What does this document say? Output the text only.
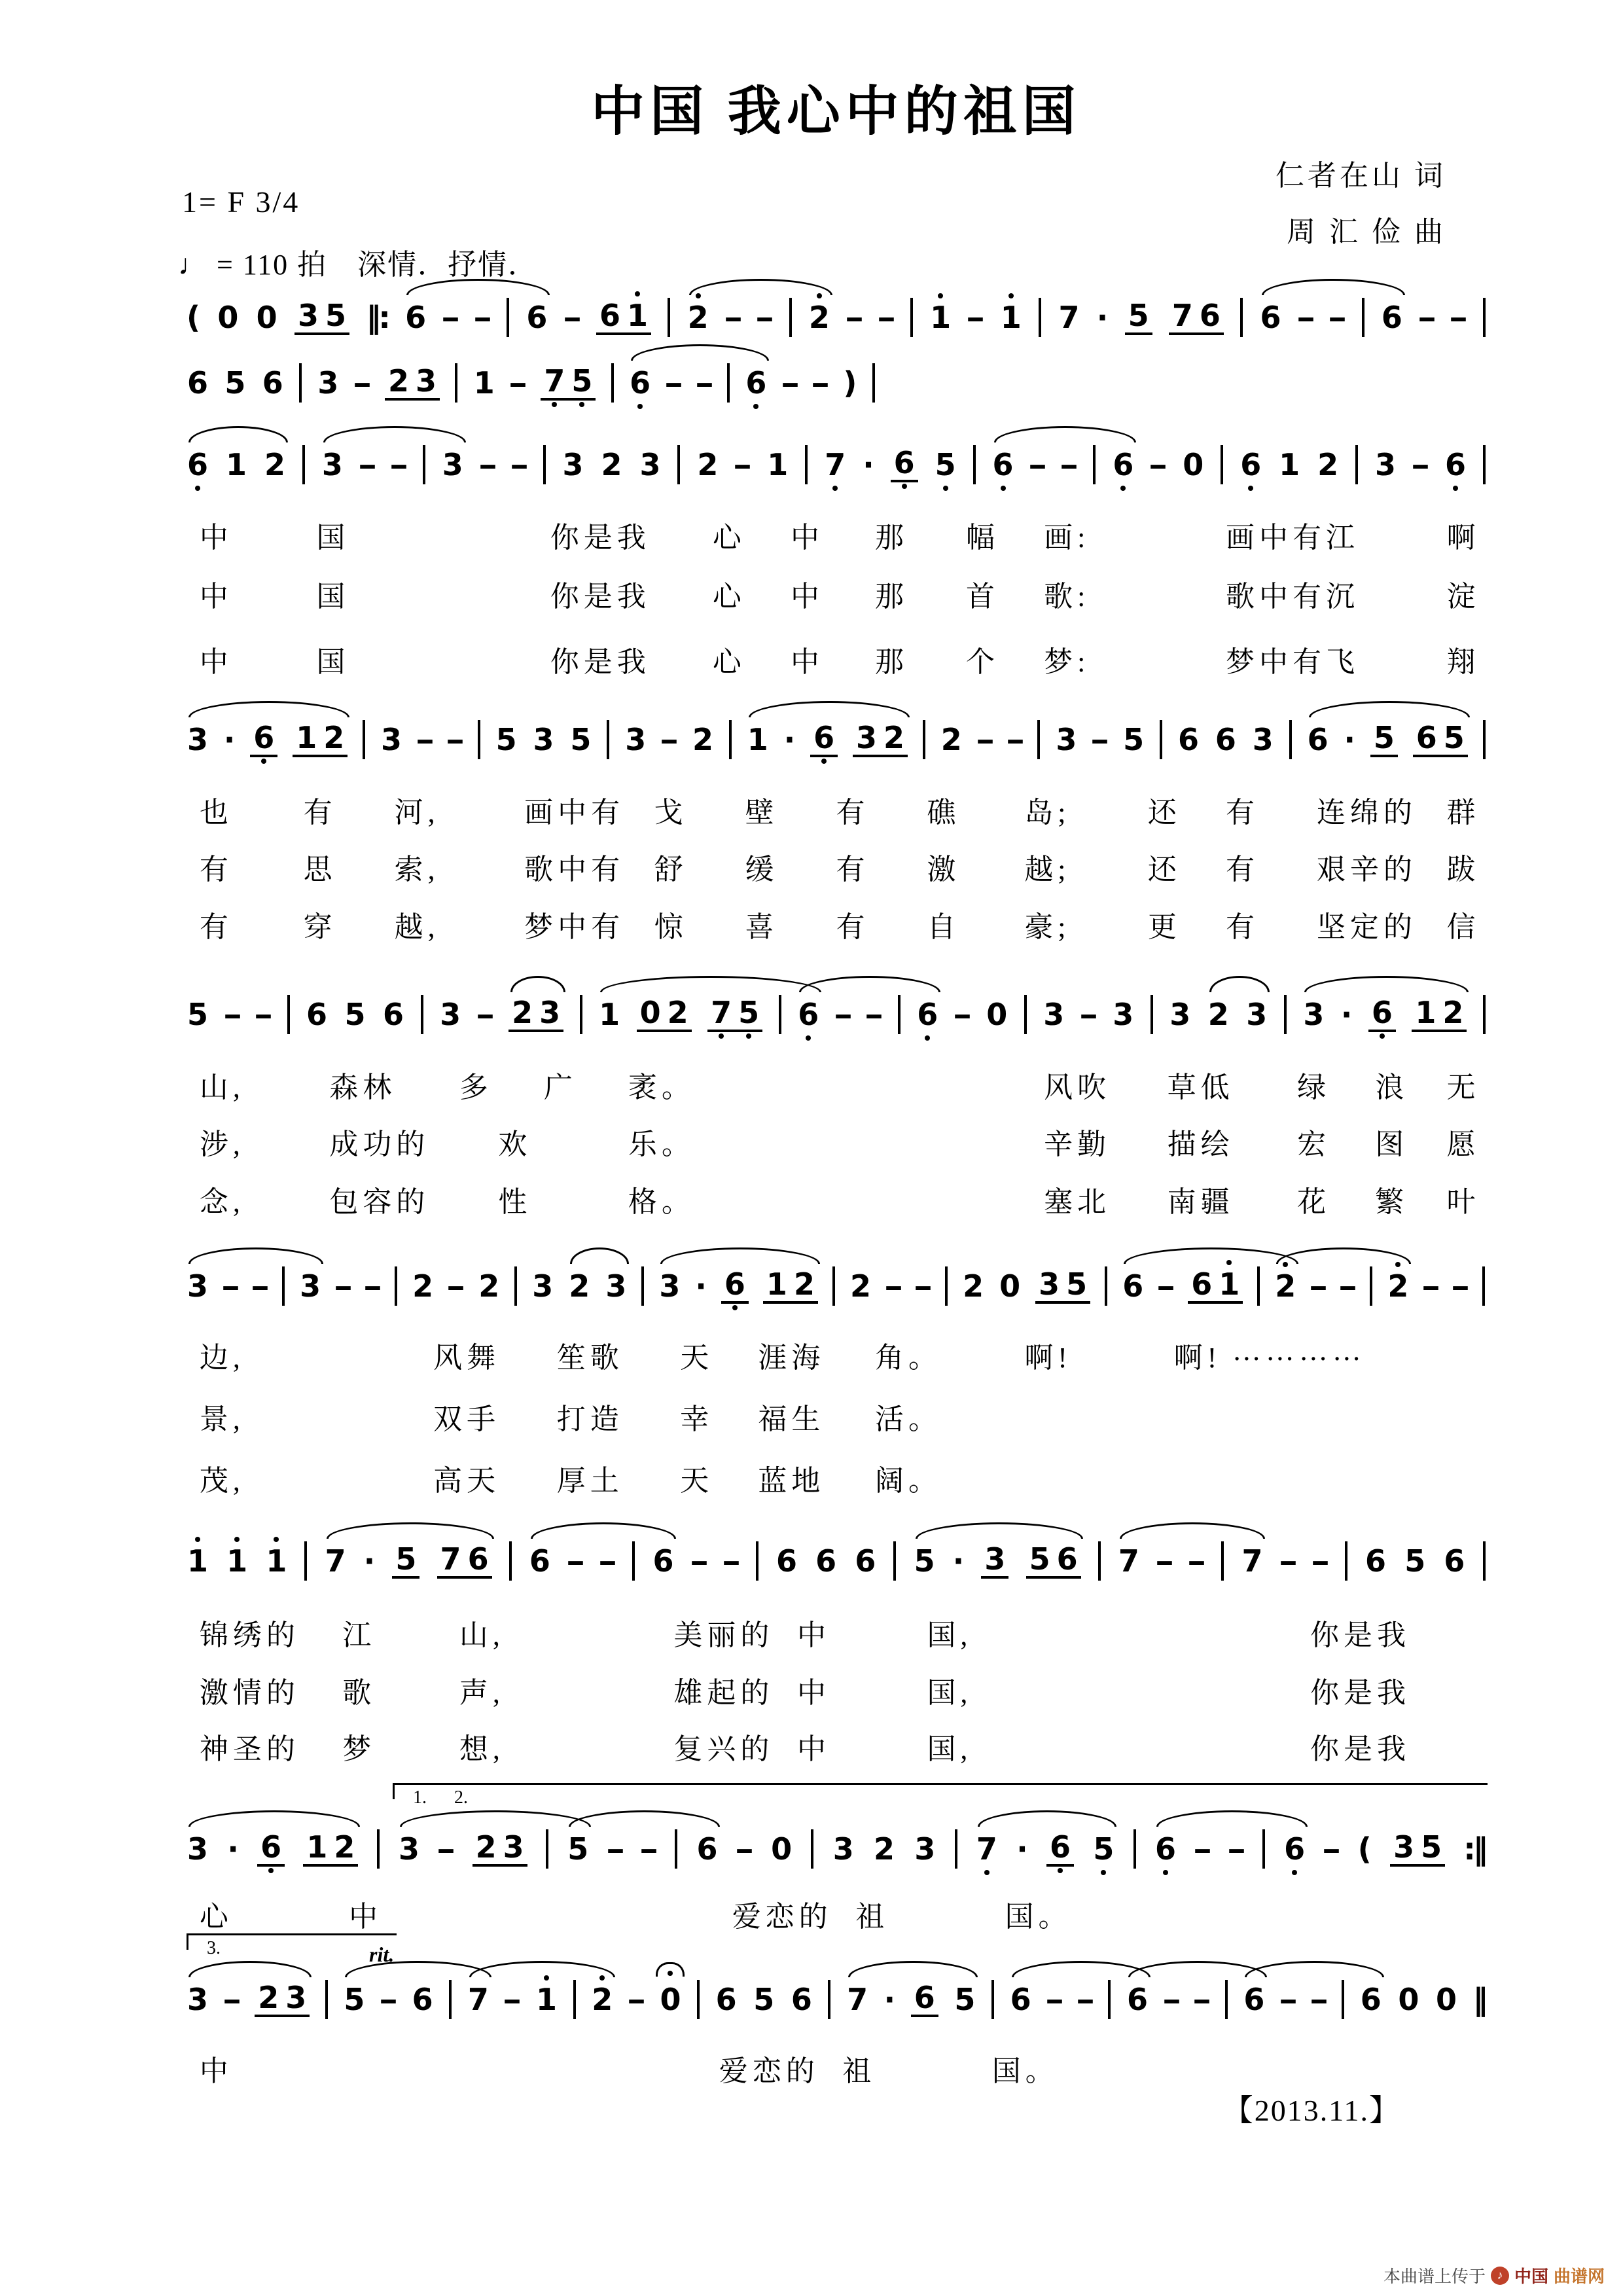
中国 我心中的祖国
仁者在山 词
周 汇 俭 曲
1= F 3/4
♩ = 110 拍　深情．抒情．
( 0 0 3 5 ‖: 6 – – 6 – 6 1 2 – – 2 – – 1 – 1 7 · 5 7 6 6 – – 6 – –
6 5 6 3 – 2 3 1 – 7 5 6 – – 6 – – )
6 1 2 3 – – 3 – – 3 2 3 2 – 1 7 · 6 5 6 – – 6 – 0 6 1 2 3 – 6
中	国	你是我 心 中 那 幅 画:	画中有江	啊
中	国	你是我 心 中 那 首 歌:	歌中有沉	淀
中	国	你是我 心 中 那 个 梦:	梦中有飞	翔
3 · 6 1 2 3 – – 5 3 5 3 – 2 1 · 6 3 2 2 – – 3 – 5 6 6 3 6 · 5 6 5
也 有 河,	画中有 戈 壁 有 礁 岛;	还 有 连绵的 群
有 思 索,	歌中有 舒 缓 有 激 越;	还 有 艰辛的 跋
有 穿 越,	梦中有 惊 喜 有 自 豪;	更 有 坚定的 信
5 – – 6 5 6 3 – 2 3 1 0 2 7 5 6 – – 6 – 0 3 – 3 3 2 3 3 · 6 1 2
山,	森林 多 广 袤。	风吹 草低 绿 浪 无
涉,	成功的 欢	乐。	辛勤 描绘 宏 图 愿
念,	包容的 性	格。	塞北 南疆 花 繁 叶
3 – – 3 – – 2 – 2 3 2 3 3 · 6 1 2 2 – – 2 0 3 5 6 – 6 1 2 – – 2 – –
边,	风舞 笙歌 天 涯海 角。	啊!	啊! …………
景,	双手 打造 幸 福生 活。
茂,	高天 厚土 天 蓝地 阔。
1 1 1 7 · 5 7 6 6 – – 6 – – 6 6 6 5 · 3 5 6 7 – – 7 – – 6 5 6
锦绣的 江	山,	美丽的 中	国,	你是我
激情的 歌	声,	雄起的 中	国,	你是我
神圣的 梦	想,	复兴的 中	国,	你是我
3 · 6 1 2 3 – 2 3 5 – – 6 – 0 3 2 3 7 · 6 5 6 – – 6 – ( 3 5 :‖
1.      2.
心	中	爱恋的 祖	国。
3 – 2 3 5 – 6 7 – 1 2 – 0 6 5 6 7 · 6 5 6 – – 6 – – 6 – – 6 0 0 ‖
3.	rit.
中	爱恋的 祖	国。
【2013.11.】
本曲谱上传于 ♪ 中国 曲谱网
